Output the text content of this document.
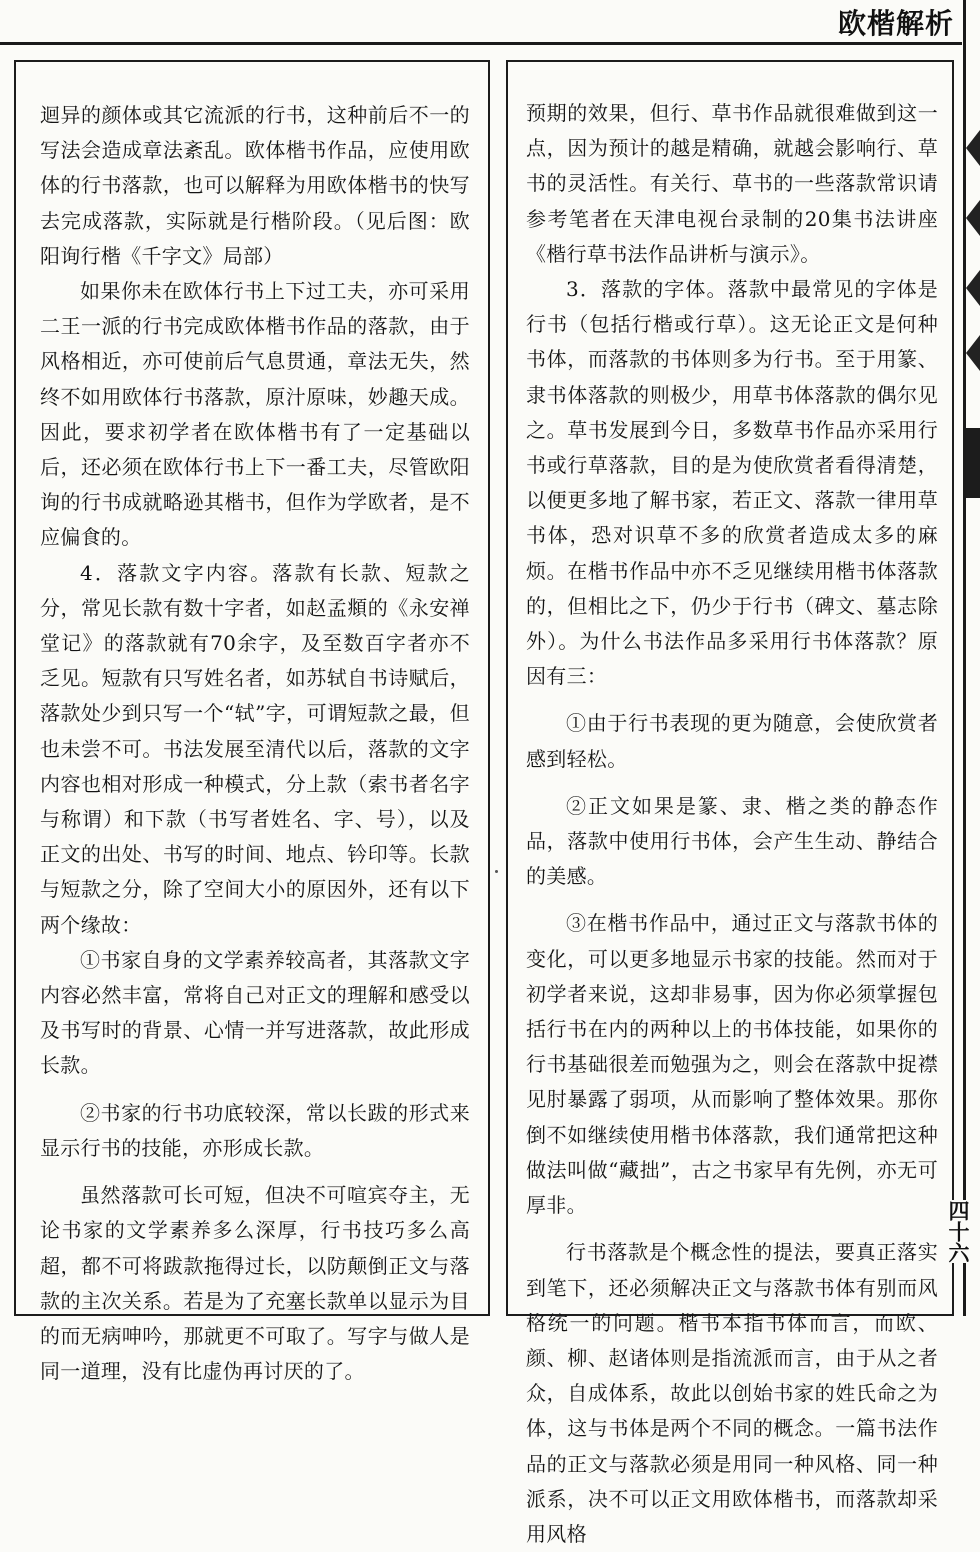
欧楷解析

迴异的颜体或其它流派的行书，这种前后不一的写法会造成章法紊乱。欧体楷书作品，应使用欧体的行书落款，也可以解释为用欧体楷书的快写去完成落款，实际就是行楷阶段。（见后图：欧阳询行楷《千字文》局部）

如果你未在欧体行书上下过工夫，亦可采用二王一派的行书完成欧体楷书作品的落款，由于风格相近，亦可使前后气息贯通，章法无失，然终不如用欧体行书落款，原汁原味，妙趣天成。因此，要求初学者在欧体楷书有了一定基础以后，还必须在欧体行书上下一番工夫，尽管欧阳询的行书成就略逊其楷书，但作为学欧者，是不应偏食的。

4．落款文字内容。落款有长款、短款之分，常见长款有数十字者，如赵孟頫的《永安禅堂记》的落款就有70余字，及至数百字者亦不乏见。短款有只写姓名者，如苏轼自书诗赋后，落款处少到只写一个“轼”字，可谓短款之最，但也未尝不可。书法发展至清代以后，落款的文字内容也相对形成一种模式，分上款（索书者名字与称谓）和下款（书写者姓名、字、号），以及正文的出处、书写的时间、地点、钤印等。长款与短款之分，除了空间大小的原因外，还有以下两个缘故：

①书家自身的文学素养较高者，其落款文字内容必然丰富，常将自己对正文的理解和感受以及书写时的背景、心情一并写进落款，故此形成长款。

②书家的行书功底较深，常以长跋的形式来显示行书的技能，亦形成长款。

虽然落款可长可短，但决不可喧宾夺主，无论书家的文学素养多么深厚，行书技巧多么高超，都不可将跋款拖得过长，以防颠倒正文与落款的主次关系。若是为了充塞长款单以显示为目的而无病呻吟，那就更不可取了。写字与做人是同一道理，没有比虚伪再讨厌的了。

预期的效果，但行、草书作品就很难做到这一点，因为预计的越是精确，就越会影响行、草书的灵活性。有关行、草书的一些落款常识请参考笔者在天津电视台录制的20集书法讲座《楷行草书法作品讲析与演示》。

3．落款的字体。落款中最常见的字体是行书（包括行楷或行草）。这无论正文是何种书体，而落款的书体则多为行书。至于用篆、隶书体落款的则极少，用草书体落款的偶尔见之。草书发展到今日，多数草书作品亦采用行书或行草落款，目的是为使欣赏者看得清楚，以便更多地了解书家，若正文、落款一律用草书体，恐对识草不多的欣赏者造成太多的麻烦。在楷书作品中亦不乏见继续用楷书体落款的，但相比之下，仍少于行书（碑文、墓志除外）。为什么书法作品多采用行书体落款？原因有三：

①由于行书表现的更为随意，会使欣赏者感到轻松。

②正文如果是篆、隶、楷之类的静态作品，落款中使用行书体，会产生生动、静结合的美感。

③在楷书作品中，通过正文与落款书体的变化，可以更多地显示书家的技能。然而对于初学者来说，这却非易事，因为你必须掌握包括行书在内的两种以上的书体技能，如果你的行书基础很差而勉强为之，则会在落款中捉襟见肘暴露了弱项，从而影响了整体效果。那你倒不如继续使用楷书体落款，我们通常把这种做法叫做“藏拙”，古之书家早有先例，亦无可厚非。

行书落款是个概念性的提法，要真正落实到笔下，还必须解决正文与落款书体有别而风格统一的问题。楷书本指书体而言，而欧、颜、柳、赵诸体则是指流派而言，由于从之者众，自成体系，故此以创始书家的姓氏命之为体，这与书体是两个不同的概念。一篇书法作品的正文与落款必须是用同一种风格、同一种派系，决不可以正文用欧体楷书，而落款却采用风格

四十六
